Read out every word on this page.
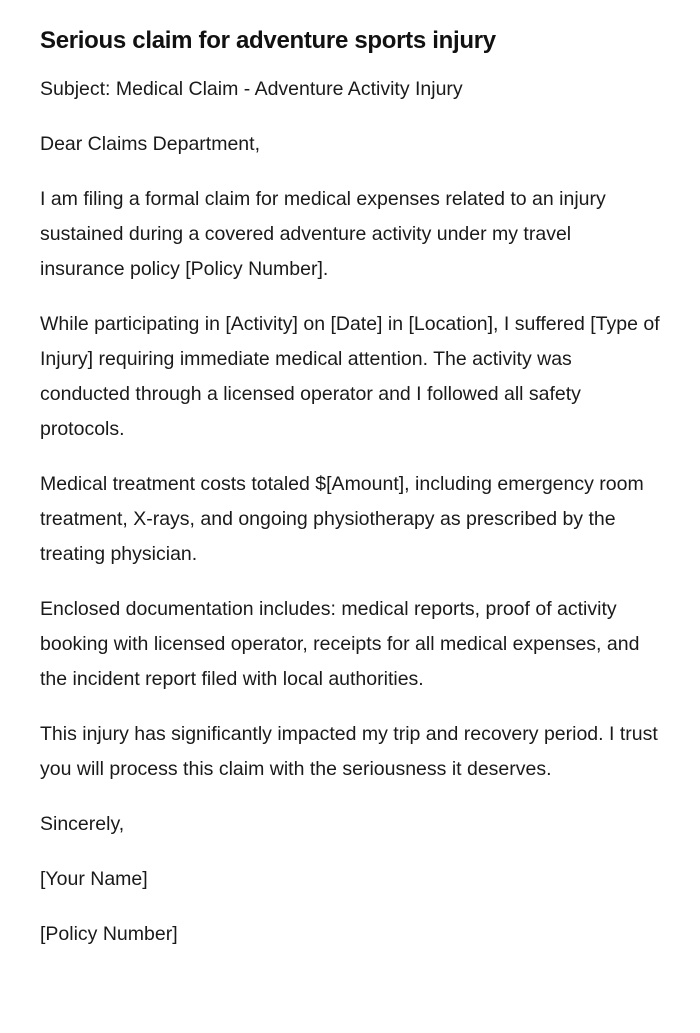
Serious claim for adventure sports injury

Subject: Medical Claim - Adventure Activity Injury

Dear Claims Department,

I am filing a formal claim for medical expenses related to an injury sustained during a covered adventure activity under my travel insurance policy [Policy Number].

While participating in [Activity] on [Date] in [Location], I suffered [Type of Injury] requiring immediate medical attention. The activity was conducted through a licensed operator and I followed all safety protocols.

Medical treatment costs totaled $[Amount], including emergency room treatment, X-rays, and ongoing physiotherapy as prescribed by the treating physician.

Enclosed documentation includes: medical reports, proof of activity booking with licensed operator, receipts for all medical expenses, and the incident report filed with local authorities.

This injury has significantly impacted my trip and recovery period. I trust you will process this claim with the seriousness it deserves.

Sincerely,

[Your Name]

[Policy Number]
